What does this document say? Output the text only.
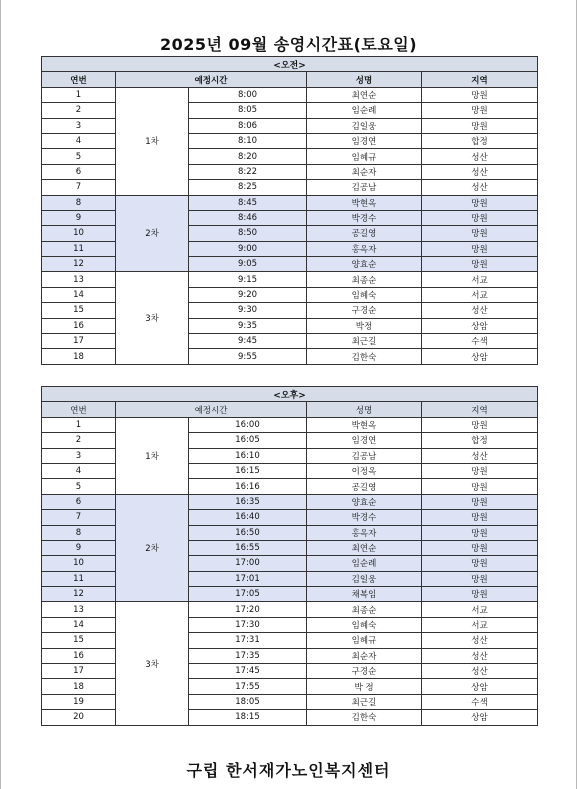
2025년 09월 송영시간표(토요일)
<오전>				
연번	예정시간		성명	지역
1	1차	8:00	최연순	망원
2		8:05	임순례	망원
3		8:06	김일웅	망원
4		8:10	임경연	합정
5		8:20	임혜규	성산
6		8:22	최순자	성산
7		8:25	김공남	성산
8	2차	8:45	박현옥	망원
9		8:46	박경수	망원
10		8:50	공길영	망원
11		9:00	홍옥자	망원
12		9:05	양효순	망원
13	3차	9:15	최종순	서교
14		9:20	임혜숙	서교
15		9:30	구경순	성산
16		9:35	박정	상암
17		9:45	최근길	수색
18		9:55	김한숙	상암
<오후>				
연번	예정시간		성명	지역
1	1차	16:00	박현옥	망원
2		16:05	임경연	합정
3		16:10	김공남	성산
4		16:15	이정옥	망원
5		16:16	공길영	망원
6	2차	16:35	양효순	망원
7		16:40	박경수	망원
8		16:50	홍옥자	망원
9		16:55	최연순	망원
10		17:00	임순례	망원
11		17:01	김일웅	망원
12		17:05	채복임	망원
13	3차	17:20	최종순	서교
14		17:30	임혜숙	서교
15		17:31	임혜규	성산
16		17:35	최순자	성산
17		17:45	구경순	성산
18		17:55	박 정	상암
19		18:05	최근길	수색
20		18:15	김한숙	상암
구립 한서재가노인복지센터
